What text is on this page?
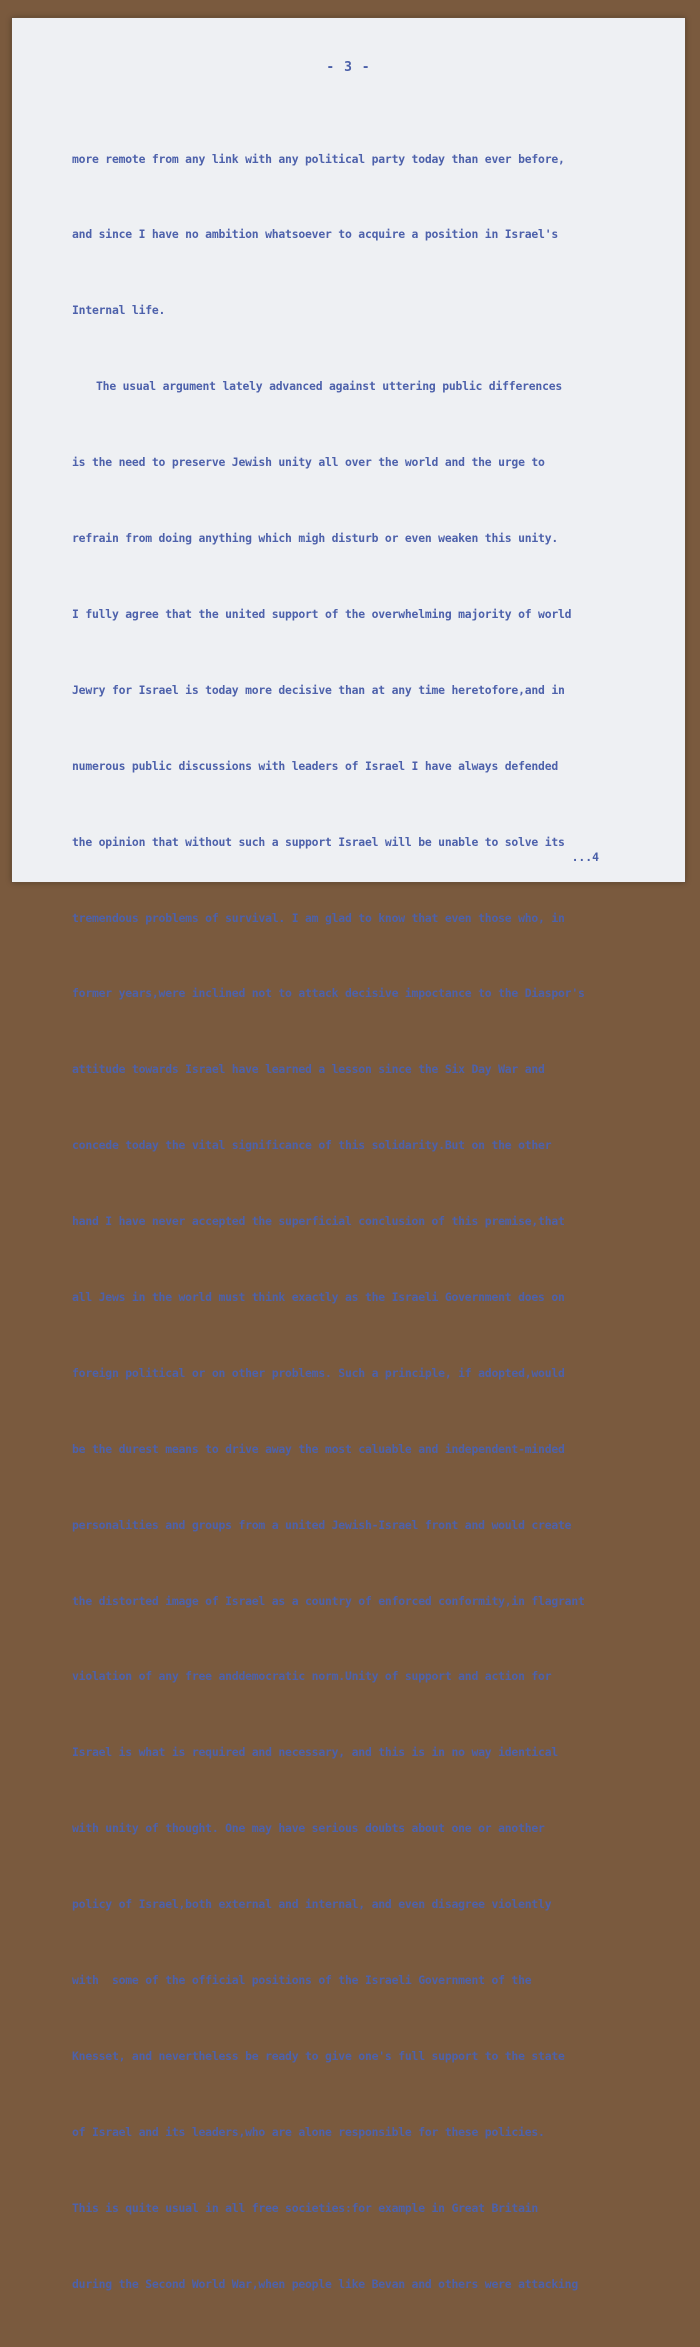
- 3 -

more remote from any link with any political party today than ever before,

and since I have no ambition whatsoever to acquire a position in Israel's

Internal life.

The usual argument lately advanced against uttering public differences

is the need to preserve Jewish unity all over the world and the urge to

refrain from doing anything which migh disturb or even weaken this unity.

I fully agree that the united support of the overwhelming majority of world

Jewry for Israel is today more decisive than at any time heretofore,and in

numerous public discussions with leaders of Israel I have always defended

the opinion that without such a support Israel will be unable to solve its

tremendous problems of survival. I am glad to know that even those who, in

former years,were inclined not to attack decisive impoctance to the Diaspor's

attitude towards Israel have learned a lesson since the Six Day War and

concede today the vital significance of this solidarity.But on the other

hand I have never accepted the superficial conclusion of this premise,that

all Jews in the world must think exactly as the Israeli Government does on

foreign political or on other problems. Such a principle, if adopted,would

be the durest means to drive away the most caluable and independent-minded

personalities and groups from a united Jewish-Israel front and would create

the distorted image of Israel as a country of enforced conformity,in flagrant

violation of any free anddemocratic norm.Unity of support and action for

Israel is what is required and necessary, and this is in no way identical

with unity of thought. One may have serious doubts about one or another

policy of Israel,both external and internal, and even disagree violently

with  some of the official positions of the Israeli Government of the

Knesset, and nevertheless be ready to give one's full support to the state

of Israel and its leaders,who are alone responsible for these policies.

This is quite usual in all free societies:for example in Great Britain

during the Second World War,when people like Bevan and others were attacking

...4
